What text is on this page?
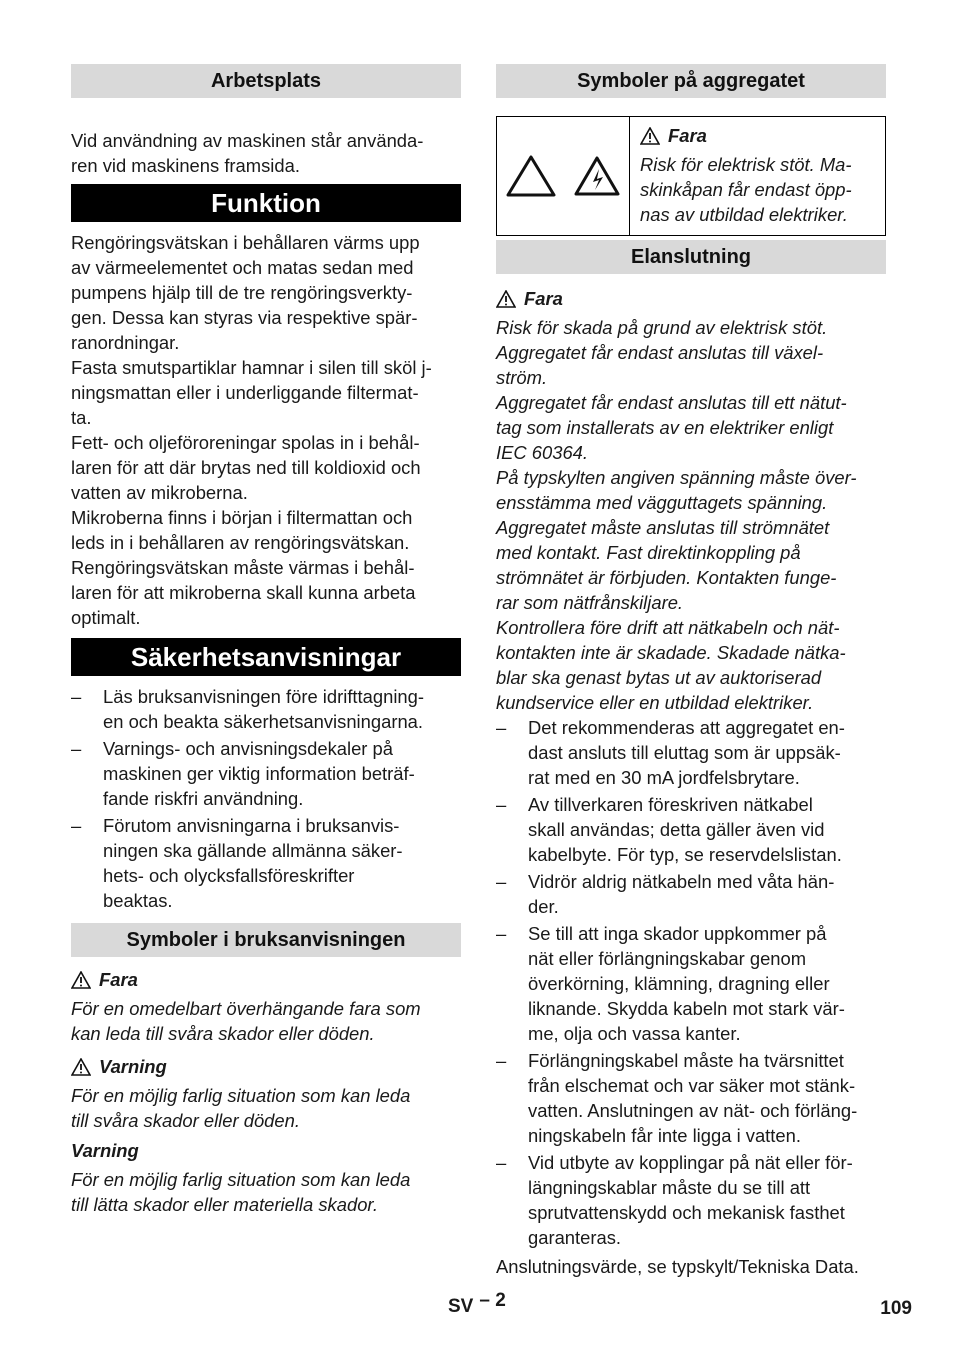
Arbetsplats

Vid användning av maskinen står använda-

ren vid maskinens framsida.

Funktion

Rengöringsvätskan i behållaren värms upp

av värmeelementet och matas sedan med

pumpens hjälp till de tre rengöringsverkty-

gen. Dessa kan styras via respektive spär-

ranordningar.

Fasta smutspartiklar hamnar i silen till sköl j-

ningsmattan eller i underliggande filtermat-

ta.

Fett- och oljeföroreningar spolas in i behål-

laren för att där brytas ned till koldioxid och

vatten av mikroberna.

Mikroberna finns i början i filtermattan och

leds in i behållaren av rengöringsvätskan.

Rengöringsvätskan måste värmas i behål-

laren för att mikroberna skall kunna arbeta

optimalt.

Säkerhetsanvisningar
– Läs bruksanvisningen före idrifttagning-
en och beakta säkerhetsanvisningarna.
– Varnings- och anvisningsdekaler på
maskinen ger viktig information beträf-
fande riskfri användning.
– Förutom anvisningarna i bruksanvis-
ningen ska gällande allmänna säker-
hets- och olycksfallsföreskrifter
beaktas.
Symboler i bruksanvisningen
Fara

För en omedelbart överhängande fara som

kan leda till svåra skador eller döden.

Varning

För en möjlig farlig situation som kan leda

till svåra skador eller döden.

Varning

För en möjlig farlig situation som kan leda

till lätta skador eller materiella skador.

Symboler på aggregatet
Fara

Risk för elektrisk stöt. Ma-

skinkåpan får endast öpp-

nas av utbildad elektriker.

Elanslutning
Fara

Risk för skada på grund av elektrisk stöt.

Aggregatet får endast anslutas till växel-

ström.

Aggregatet får endast anslutas till ett nätut-

tag som installerats av en elektriker enligt

IEC 60364.

På typskylten angiven spänning måste över-

ensstämma med vägguttagets spänning.

Aggregatet måste anslutas till strömnätet

med kontakt. Fast direktinkoppling på

strömnätet är förbjuden. Kontakten funge-

rar som nätfrånskiljare.

Kontrollera före drift att nätkabeln och nät-

kontakten inte är skadade. Skadade nätka-

blar ska genast bytas ut av auktoriserad

kundservice eller en utbildad elektriker.

– Det rekommenderas att aggregatet en-
dast ansluts till eluttag som är uppsäk-
rat med en 30 mA jordfelsbrytare.
– Av tillverkaren föreskriven nätkabel
skall användas; detta gäller även vid
kabelbyte. För typ, se reservdelslistan.
– Vidrör aldrig nätkabeln med våta hän-
der.
– Se till att inga skador uppkommer på
nät eller förlängningskabar genom
överkörning, klämning, dragning eller
liknande. Skydda kabeln mot stark vär-
me, olja och vassa kanter.
– Förlängningskabel måste ha tvärsnittet
från elschemat och var säker mot stänk-
vatten. Anslutningen av nät- och förläng-
ningskabeln får inte ligga i vatten.
– Vid utbyte av kopplingar på nät eller för-
längningskablar måste du se till att
sprutvattenskydd och mekanisk fasthet
garanteras.

Anslutningsvärde, se typskylt/Tekniska Data.

SV – 2	109
